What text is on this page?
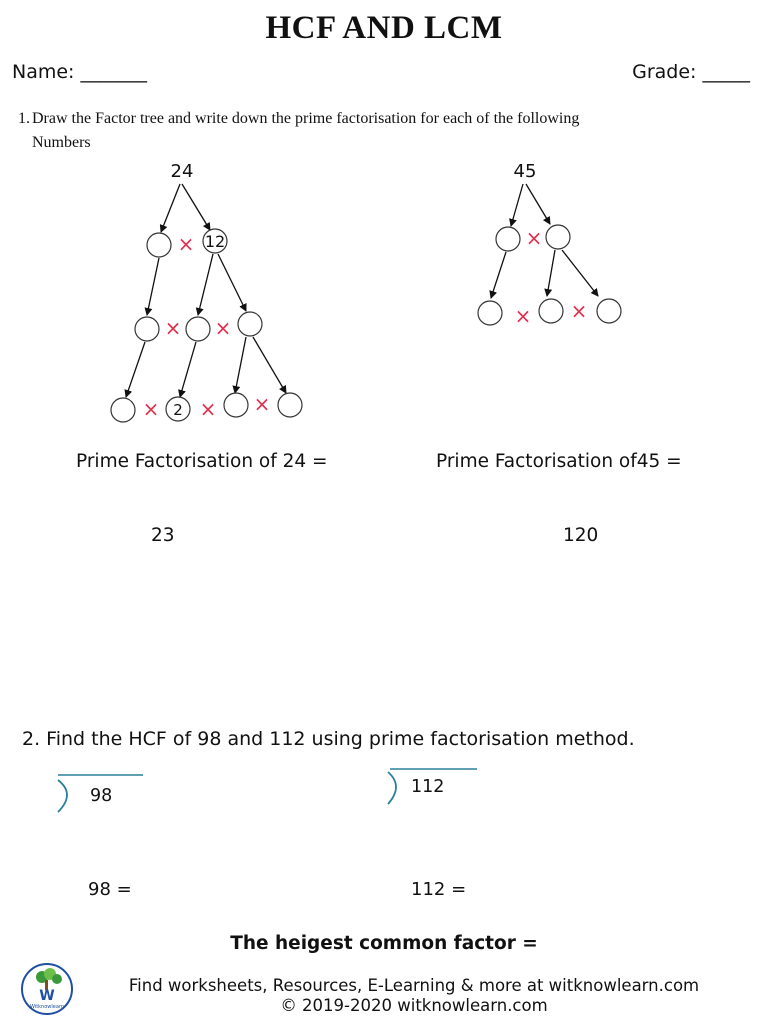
HCF AND LCM
Name: _______	Grade: _____
1. Draw the Factor tree and write down the prime factorisation for each of the following
Numbers
24
× 12
× ×
× 2 × ×
45
×
× ×
Prime Factorisation of 24 =	Prime Factorisation of45 =
23	120
2. Find the HCF of 98 and 112 using prime factorisation method.
98	112
98 =	112 =
The heigest common factor =
W
Witknowlearn
Find worksheets, Resources, E-Learning & more at witknowlearn.com
© 2019-2020 witknowlearn.com
